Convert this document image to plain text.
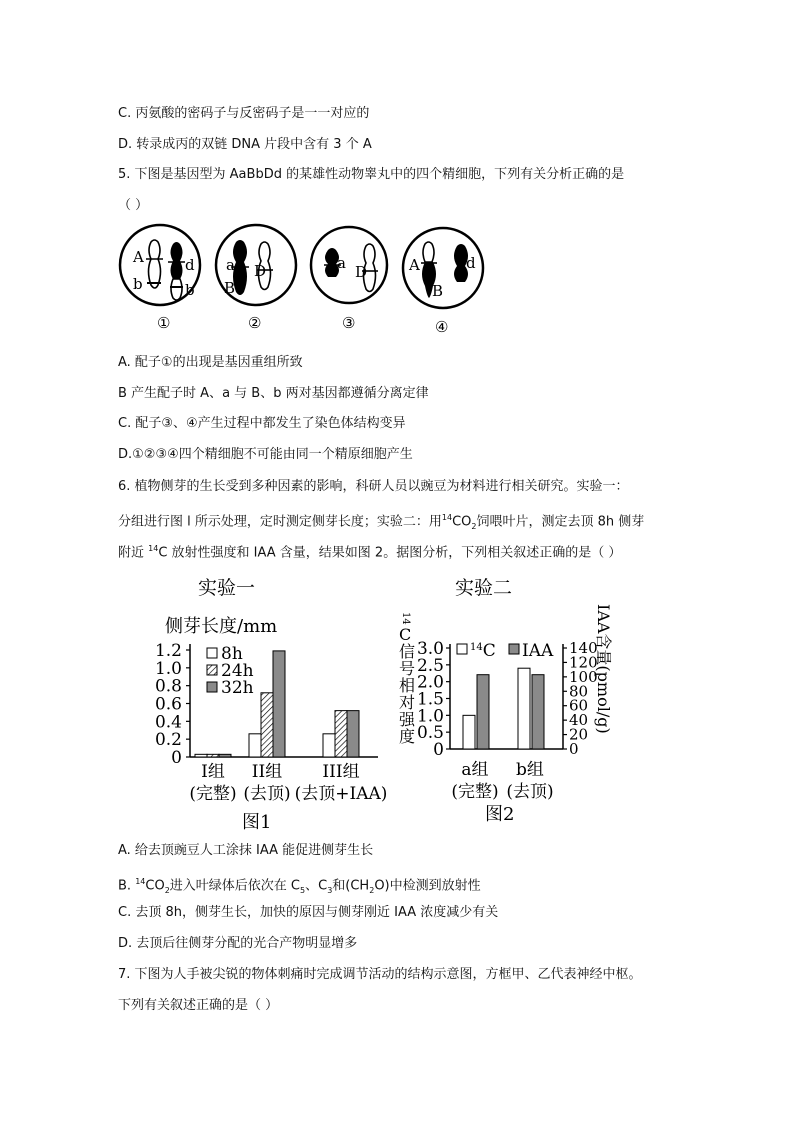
C. 丙氨酸的密码子与反密码子是一一对应的
D. 转录成丙的双链 DNA 片段中含有 3 个 A
5. 下图是基因型为 AaBbDd 的某雄性动物睾丸中的四个精细胞，下列有关分析正确的是
（ ）
A. 配子①的出现是基因重组所致
B 产生配子时 A、a 与 B、b 两对基因都遵循分离定律
C. 配子③、④产生过程中都发生了染色体结构变异
D.①②③④四个精细胞不可能由同一个精原细胞产生
6. 植物侧芽的生长受到多种因素的影响，科研人员以豌豆为材料进行相关研究。实验一：
分组进行图 l 所示处理，定时测定侧芽长度；实验二：用$^{14}CO_2$饲喂叶片，测定去顶 8h 侧芽
附近 $^{14}$C 放射性强度和 IAA 含量，结果如图 2。据图分析，下列相关叙述正确的是（ ）
A. 给去顶豌豆人工涂抹 IAA 能促进侧芽生长
B. $^{14}CO_2$进入叶绿体后依次在 $C_5$、$C_3$和$(CH_2O)$中检测到放射性
C. 去顶 8h，侧芽生长，加快的原因与侧芽刚近 IAA 浓度减少有关
D. 去顶后往侧芽分配的光合产物明显增多
7. 下图为人手被尖锐的物体刺痛时完成调节活动的结构示意图，方框甲、乙代表神经中枢。
下列有关叙述正确的是（ ）
A
b
d
b
a
B
D	a D	A
B
d
①	②	③	④
实验一
侧芽长度/mm
图1
实验二
图2
14
C 信号相对强度
IAA含量(pmol/g)
0
0.2
0.4
0.6
0.8
1.0
1.2
I组
(完整)
II组
(去顶)
III组
(去顶+IAA)
8h
24h
32h
0
0.5
1.0
1.5
2.0
2.5
3.0
0
20
40
60
80
100
120
140
a组
(完整)
b组
(去顶)
$^{14}$C IAA
